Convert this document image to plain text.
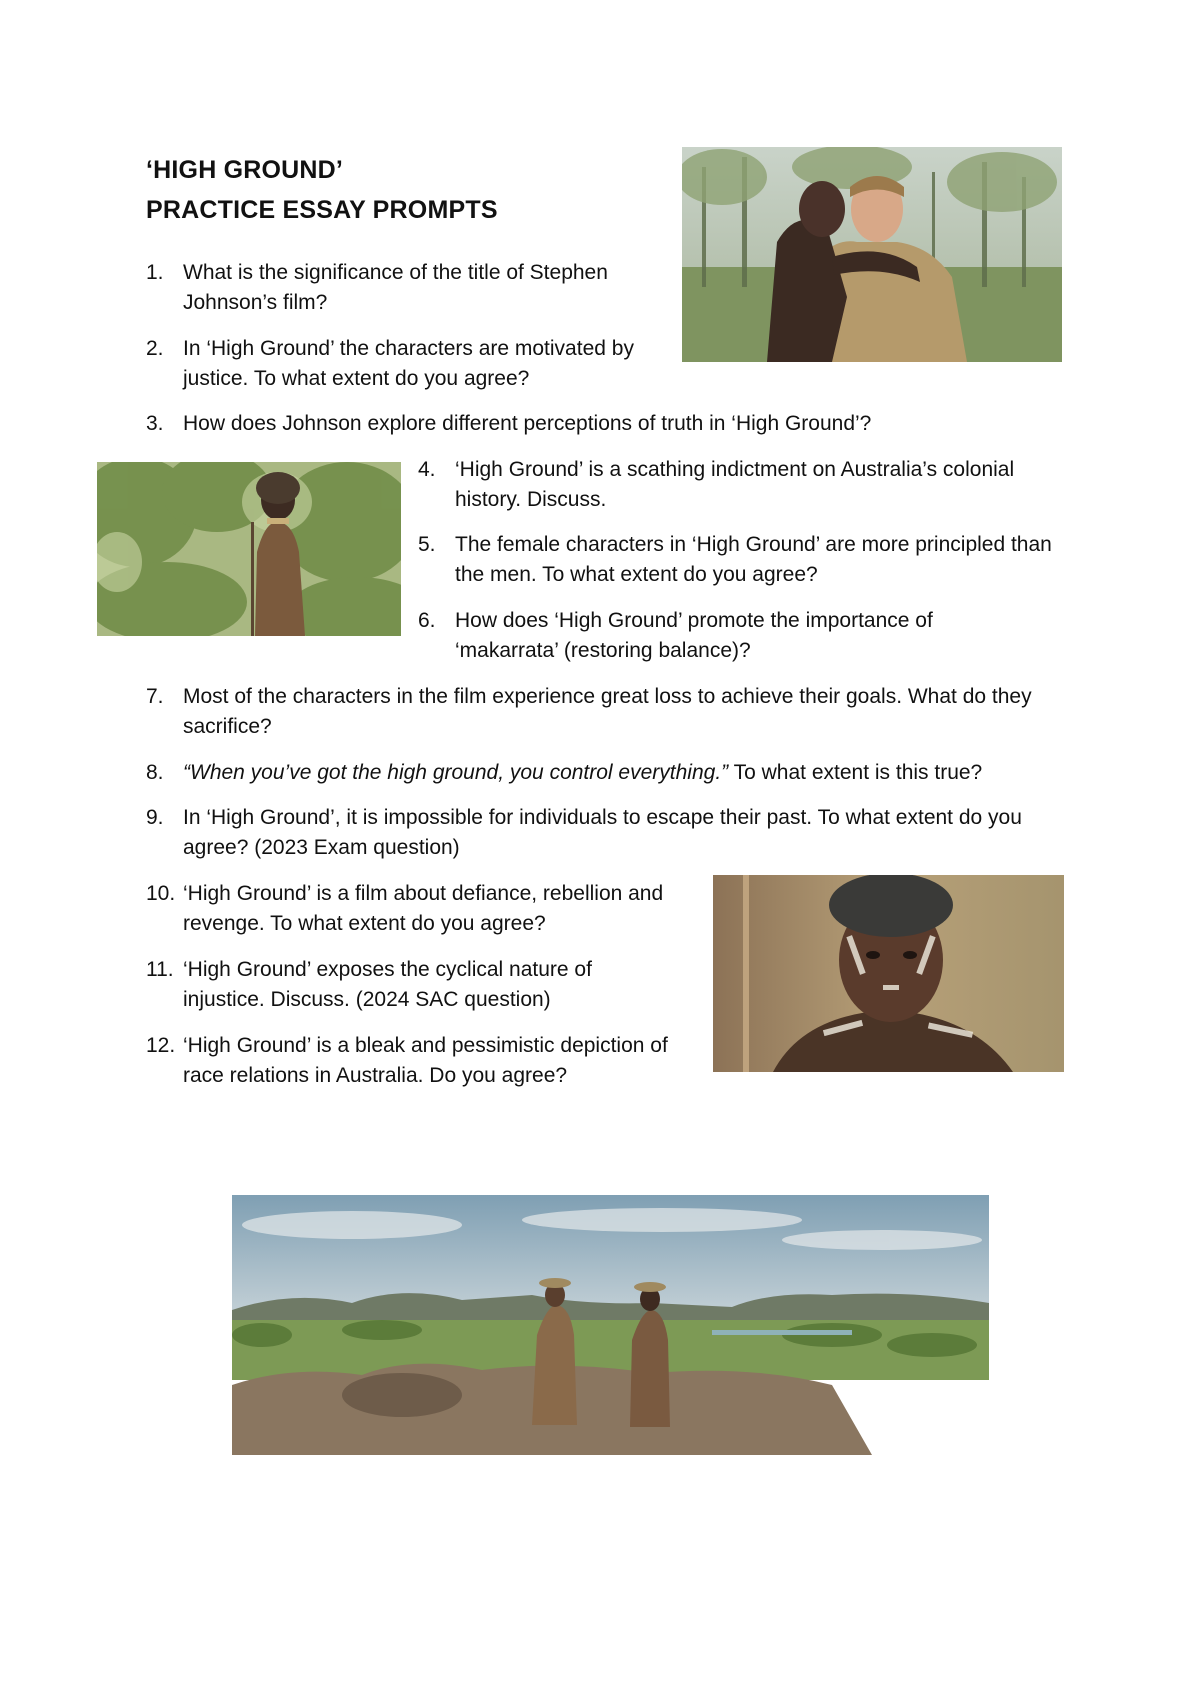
‘HIGH GROUND’
PRACTICE ESSAY PROMPTS
1. What is the significance of the title of Stephen Johnson’s film?
2. In ‘High Ground’ the characters are motivated by justice. To what extent do you agree?
3. How does Johnson explore different perceptions of truth in ‘High Ground’?
4. ‘High Ground’ is a scathing indictment on Australia’s colonial history. Discuss.
5. The female characters in ‘High Ground’ are more principled than the men. To what extent do you agree?
6. How does ‘High Ground’ promote the importance of ‘makarrata’ (restoring balance)?
7. Most of the characters in the film experience great loss to achieve their goals. What do they sacrifice?
8. “When you’ve got the high ground, you control everything.” To what extent is this true?
9. In ‘High Ground’, it is impossible for individuals to escape their past. To what extent do you agree? (2023 Exam question)
10. ‘High Ground’ is a film about defiance, rebellion and revenge. To what extent do you agree?
11. ‘High Ground’ exposes the cyclical nature of injustice. Discuss. (2024 SAC question)
12. ‘High Ground’ is a bleak and pessimistic depiction of race relations in Australia. Do you agree?
